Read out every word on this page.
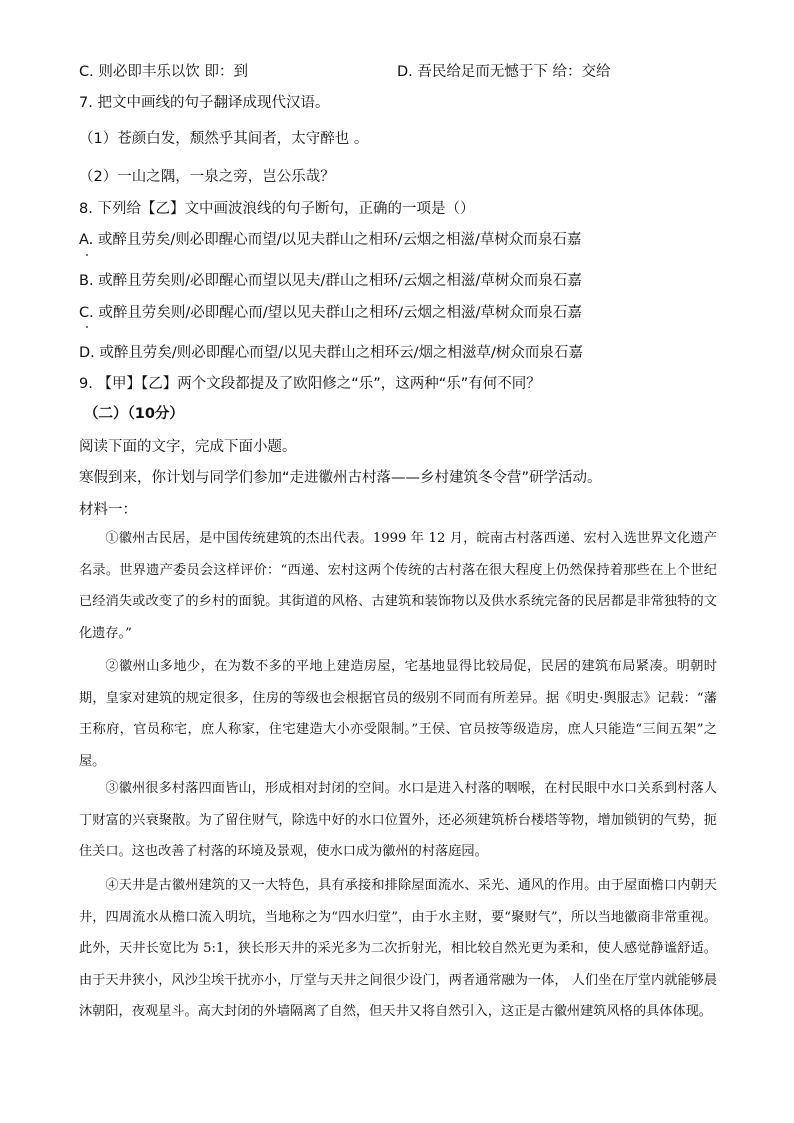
C. 则必即丰乐以饮 即：到	D. 吾民给足而无憾于下 给：交给
7. 把文中画线的句子翻译成现代汉语。
（1）苍颜白发，颓然乎其间者，太守醉也 。
（2）一山之隅，一泉之旁，岂公乐哉？
8. 下列给【乙】文中画波浪线的句子断句，正确的一项是（）
A. 或醉且劳矣/则必即醒心而望/以见夫群山之相环/云烟之相滋/草树众而泉石嘉
B. 或醉且劳矣则/必即醒心而望以见夫/群山之相环/云烟之相滋/草树众而泉石嘉
C. 或醉且劳矣则/必即醒心而/望以见夫群山之相环/云烟之相滋/草树众而泉石嘉
D. 或醉且劳矣/则必即醒心而望/以见夫群山之相环云/烟之相滋草/树众而泉石嘉
9. 【甲】【乙】两个文段都提及了欧阳修之“乐”，这两种“乐”有何不同？
（二）（10分）
阅读下面的文字，完成下面小题。
寒假到来，你计划与同学们参加“走进徽州古村落——乡村建筑冬令营”研学活动。
材料一：
①徽州古民居，是中国传统建筑的杰出代表。1999 年 12 月，皖南古村落西递、宏村入选世界文化遗产名录。世界遗产委员会这样评价：“西递、宏村这两个传统的古村落在很大程度上仍然保持着那些在上个世纪已经消失或改变了的乡村的面貌。其街道的风格、古建筑和装饰物以及供水系统完备的民居都是非常独特的文化遗存。”
②徽州山多地少，在为数不多的平地上建造房屋，宅基地显得比较局促，民居的建筑布局紧凑。明朝时期，皇家对建筑的规定很多，住房的等级也会根据官员的级别不同而有所差异。据《明史·舆服志》记载：“藩王称府，官员称宅，庶人称家，住宅建造大小亦受限制。”王侯、官员按等级造房，庶人只能造“三间五架”之屋。
③徽州很多村落四面皆山，形成相对封闭的空间。水口是进入村落的咽喉，在村民眼中水口关系到村落人丁财富的兴衰聚散。为了留住财气，除选中好的水口位置外，还必须建筑桥台楼塔等物，增加锁钥的气势，扼住关口。这也改善了村落的环境及景观，使水口成为徽州的村落庭园。
④天井是古徽州建筑的又一大特色，具有承接和排除屋面流水、采光、通风的作用。由于屋面檐口内朝天井，四周流水从檐口流入明坑，当地称之为“四水归堂”，由于水主财，要“聚财气”，所以当地徽商非常重视。此外，天井长宽比为 5:1，狭长形天井的采光多为二次折射光，相比较自然光更为柔和，使人感觉静谧舒适。由于天井狭小，风沙尘埃干扰亦小，厅堂与天井之间很少设门，两者通常融为一体， 人们坐在厅堂内就能够晨沐朝阳，夜观星斗。高大封闭的外墙隔离了自然，但天井又将自然引入，这正是古徽州建筑风格的具体体现。
